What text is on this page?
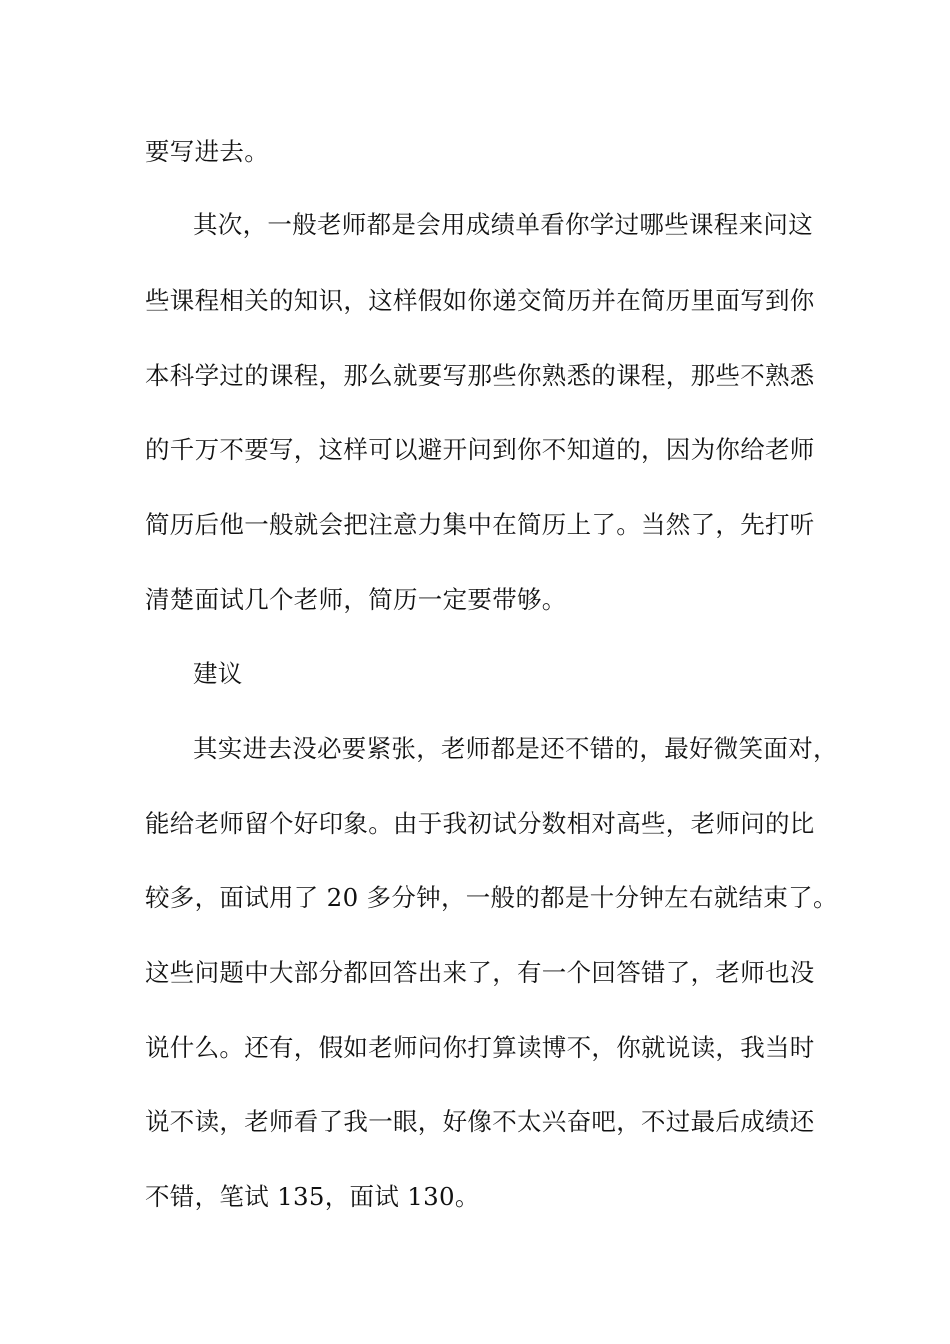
要写进去。
其次，一般老师都是会用成绩单看你学过哪些课程来问这
些课程相关的知识，这样假如你递交简历并在简历里面写到你
本科学过的课程，那么就要写那些你熟悉的课程，那些不熟悉
的千万不要写，这样可以避开问到你不知道的，因为你给老师
简历后他一般就会把注意力集中在简历上了。当然了，先打听
清楚面试几个老师，简历一定要带够。
建议
其实进去没必要紧张，老师都是还不错的，最好微笑面对，
能给老师留个好印象。由于我初试分数相对高些，老师问的比
较多，面试用了 20 多分钟，一般的都是十分钟左右就结束了。
这些问题中大部分都回答出来了，有一个回答错了，老师也没
说什么。还有，假如老师问你打算读博不，你就说读，我当时
说不读，老师看了我一眼，好像不太兴奋吧，不过最后成绩还
不错，笔试 135，面试 130。
